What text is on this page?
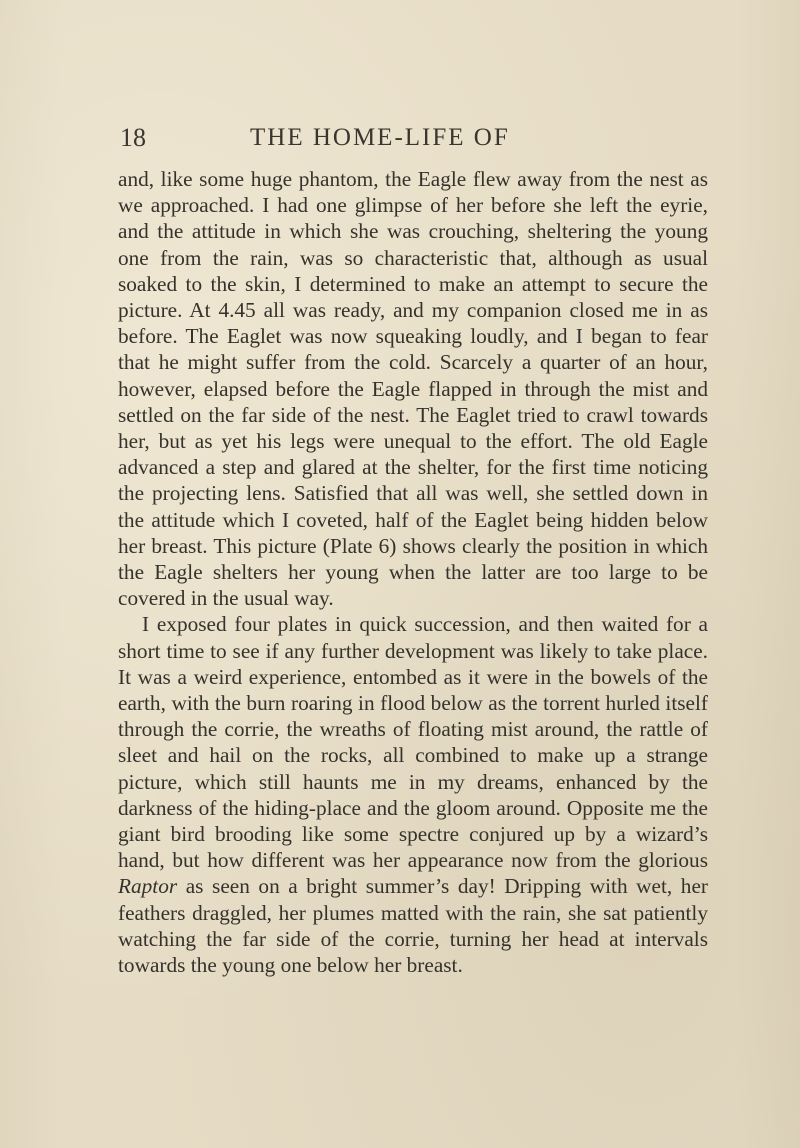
18	THE HOME-LIFE OF

and, like some huge phantom, the Eagle flew away from the nest as we approached. I had one glimpse of her before she left the eyrie, and the attitude in which she was crouching, sheltering the young one from the rain, was so characteristic that, although as usual soaked to the skin, I determined to make an attempt to secure the picture. At 4.45 all was ready, and my companion closed me in as before. The Eaglet was now squeaking loudly, and I began to fear that he might suffer from the cold. Scarcely a quarter of an hour, however, elapsed before the Eagle flapped in through the mist and settled on the far side of the nest. The Eaglet tried to crawl towards her, but as yet his legs were unequal to the effort. The old Eagle advanced a step and glared at the shelter, for the first time noticing the projecting lens. Satisfied that all was well, she settled down in the attitude which I coveted, half of the Eaglet being hidden below her breast. This picture (Plate 6) shows clearly the position in which the Eagle shelters her young when the latter are too large to be covered in the usual way.

I exposed four plates in quick succession, and then waited for a short time to see if any further development was likely to take place. It was a weird experience, entombed as it were in the bowels of the earth, with the burn roaring in flood below as the torrent hurled itself through the corrie, the wreaths of floating mist around, the rattle of sleet and hail on the rocks, all combined to make up a strange picture, which still haunts me in my dreams, enhanced by the darkness of the hiding-place and the gloom around. Opposite me the giant bird brooding like some spectre conjured up by a wizard’s hand, but how different was her appearance now from the glorious Raptor as seen on a bright summer’s day! Dripping with wet, her feathers draggled, her plumes matted with the rain, she sat patiently watching the far side of the corrie, turning her head at intervals towards the young one below her breast.
